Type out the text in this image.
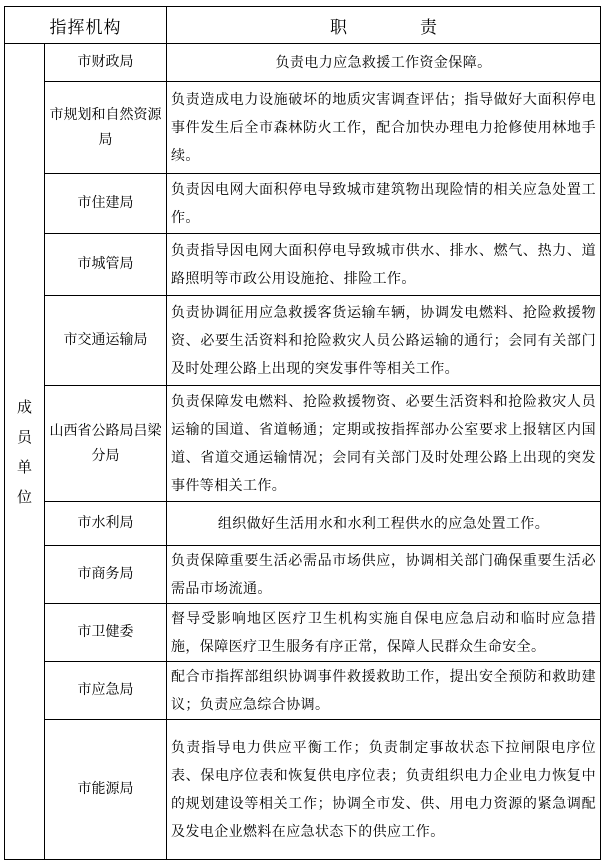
指挥机构		职　责

成
员
单
位	市财政局	负责电力应急救援工作资金保障。
	市规划和自然资源局	负责造成电力设施破坏的地质灾害调查评估；指导做好大面积停电事件发生后全市森林防火工作，配合加快办理电力抢修使用林地手续。
	市住建局	负责因电网大面积停电导致城市建筑物出现险情的相关应急处置工作。
	市城管局	负责指导因电网大面积停电导致城市供水、排水、燃气、热力、道路照明等市政公用设施抢、排险工作。
	市交通运输局	负责协调征用应急救援客货运输车辆，协调发电燃料、抢险救援物资、必要生活资料和抢险救灾人员公路运输的通行；会同有关部门及时处理公路上出现的突发事件等相关工作。
	山西省公路局吕梁分局	负责保障发电燃料、抢险救援物资、必要生活资料和抢险救灾人员运输的国道、省道畅通；定期或按指挥部办公室要求上报辖区内国道、省道交通运输情况；会同有关部门及时处理公路上出现的突发事件等相关工作。
	市水利局	组织做好生活用水和水利工程供水的应急处置工作。
	市商务局	负责保障重要生活必需品市场供应，协调相关部门确保重要生活必需品市场流通。
	市卫健委	督导受影响地区医疗卫生机构实施自保电应急启动和临时应急措施，保障医疗卫生服务有序正常，保障人民群众生命安全。
	市应急局	配合市指挥部组织协调事件救援救助工作，提出安全预防和救助建议；负责应急综合协调。
	市能源局	负责指导电力供应平衡工作；负责制定事故状态下拉闸限电序位表、保电序位表和恢复供电序位表；负责组织电力企业电力恢复中的规划建设等相关工作；协调全市发、供、用电力资源的紧急调配及发电企业燃料在应急状态下的供应工作。
